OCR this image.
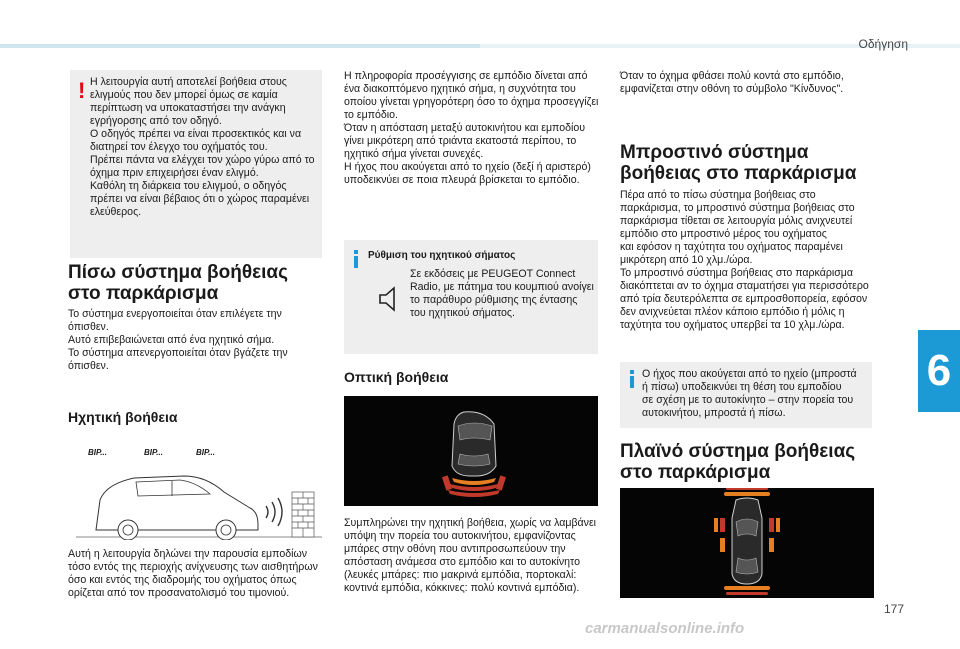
Οδήγηση
6
177
carmanualsonline.info
! Η λειτουργία αυτή αποτελεί βοήθεια στους
ελιγμούς που δεν μπορεί όμως σε καμία
περίπτωση να υποκαταστήσει την ανάγκη
εγρήγορσης από τον οδηγό.
Ο οδηγός πρέπει να είναι προσεκτικός και να
διατηρεί τον έλεγχο του οχήματός του.
Πρέπει πάντα να ελέγχει τον χώρο γύρω από το
όχημα πριν επιχειρήσει έναν ελιγμό.
Καθόλη τη διάρκεια του ελιγμού, ο οδηγός
πρέπει να είναι βέβαιος ότι ο χώρος παραμένει
ελεύθερος.

Πίσω σύστημα βοήθειας
στο παρκάρισμα

Το σύστημα ενεργοποιείται όταν επιλέγετε την
όπισθεν.
Αυτό επιβεβαιώνεται από ένα ηχητικό σήμα.
Το σύστημα απενεργοποιείται όταν βγάζετε την
όπισθεν.

Ηχητική βοήθεια
BIP...	BIP...	BIP...

Αυτή η λειτουργία δηλώνει την παρουσία εμποδίων
τόσο εντός της περιοχής ανίχνευσης των αισθητήρων
όσο και εντός της διαδρομής του οχήματος όπως
ορίζεται από τον προσανατολισμό του τιμονιού.

Η πληροφορία προσέγγισης σε εμπόδιο δίνεται από
ένα διακοπτόμενο ηχητικό σήμα, η συχνότητα του
οποίου γίνεται γρηγορότερη όσο το όχημα προσεγγίζει
το εμπόδιο.
Όταν η απόσταση μεταξύ αυτοκινήτου και εμποδίου
γίνει μικρότερη από τριάντα εκατοστά περίπου, το
ηχητικό σήμα γίνεται συνεχές.
Η ήχος που ακούγεται από το ηχείο (δεξί ή αριστερό)
υποδεικνύει σε ποια πλευρά βρίσκεται το εμπόδιο.

Ρύθμιση του ηχητικού σήματος

Σε εκδόσεις με PEUGEOT Connect
Radio, με πάτημα του κουμπιού ανοίγει
το παράθυρο ρύθμισης της έντασης
του ηχητικού σήματος.

Οπτική βοήθεια

Συμπληρώνει την ηχητική βοήθεια, χωρίς να λαμβάνει
υπόψη την πορεία του αυτοκινήτου, εμφανίζοντας
μπάρες στην οθόνη που αντιπροσωπεύουν την
απόσταση ανάμεσα στο εμπόδιο και το αυτοκίνητο
(λευκές μπάρες: πιο μακρινά εμπόδια, πορτοκαλί:
κοντινά εμπόδια, κόκκινες: πολύ κοντινά εμπόδια).

Όταν το όχημα φθάσει πολύ κοντά στο εμπόδιο,
εμφανίζεται στην οθόνη το σύμβολο "Κίνδυνος".

Μπροστινό σύστημα
βοήθειας στο παρκάρισμα

Πέρα από το πίσω σύστημα βοήθειας στο
παρκάρισμα, το μπροστινό σύστημα βοήθειας στο
παρκάρισμα τίθεται σε λειτουργία μόλις ανιχνευτεί
εμπόδιο στο μπροστινό μέρος του οχήματος
και εφόσον η ταχύτητα του οχήματος παραμένει
μικρότερη από 10 χλμ./ώρα.
Το μπροστινό σύστημα βοήθειας στο παρκάρισμα
διακόπτεται αν το όχημα σταματήσει για περισσότερο
από τρία δευτερόλεπτα σε εμπροσθοπορεία, εφόσον
δεν ανιχνεύεται πλέον κάποιο εμπόδιο ή μόλις η
ταχύτητα του οχήματος υπερβεί τα 10 χλμ./ώρα.

Ο ήχος που ακούγεται από το ηχείο (μπροστά
ή πίσω) υποδεικνύει τη θέση του εμποδίου
σε σχέση με το αυτοκίνητο – στην πορεία του
αυτοκινήτου, μπροστά ή πίσω.

Πλαϊνό σύστημα βοήθειας
στο παρκάρισμα
